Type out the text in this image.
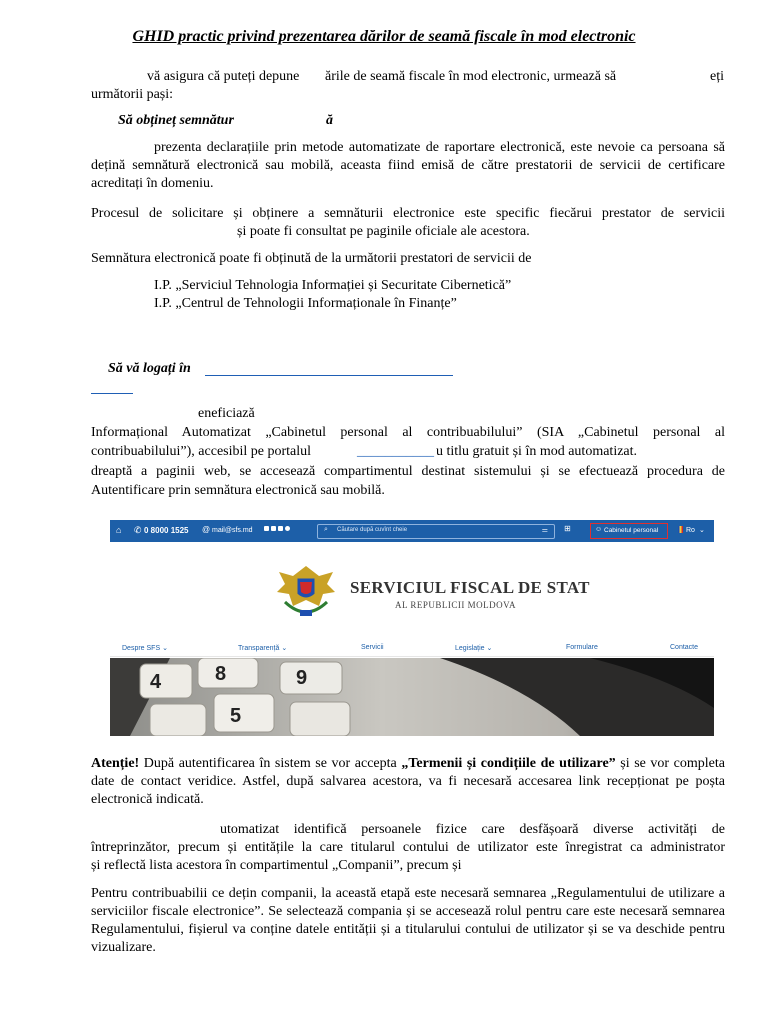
GHID practic privind prezentarea dărilor de seamă fiscale în mod electronic
vă asigura că puteți depune ările de seamă fiscale în mod electronic, urmează să	eți
următorii pași:
Să obțineț semnătur	ă
prezenta declarațiile prin metode automatizate de raportare electronică, este nevoie ca persoana să dețină semnătură electronică sau mobilă, aceasta fiind emisă de către prestatorii de servicii de certificare acreditați în domeniu.
Procesul de solicitare și obținere a semnăturii electronice este specific fiecărui prestator de servicii
și poate fi consultat pe paginile oficiale ale acestora.
Semnătura electronică poate fi obținută de la următorii prestatori de servicii de
I.P. „Serviciul Tehnologia Informației și Securitate Cibernetică”
I.P. „Centrul de Tehnologii Informaționale în Finanțe”
Să vă logați în
eneficiază
Informațional Automatizat „Cabinetul personal al contribuabilului” (SIA „Cabinetul personal al
contribuabilului”), accesibil pe portalul	___________ u titlu gratuit și în mod automatizat.
dreaptă a paginii web, se accesează compartimentul destinat sistemului și se efectuează procedura de
Autentificare prin semnătura electronică sau mobilă.
⌂ ✆ 0 8000 1525 @ mail@sfs.md	⌕ Căutare după cuvînt cheie	⚌ ⊞	☺ Cabinetul personal	Ro ⌄
SERVICIUL FISCAL DE STAT
AL REPUBLICII MOLDOVA
Despre SFS ⌄	Transparență ⌄	Servicii	Legislație ⌄	Formulare	Contacte
4	8	9
5
Atenție! După autentificarea în sistem se vor accepta „Termenii și condițiile de utilizare” și se vor completa date de contact veridice. Astfel, după salvarea acestora, va fi necesară accesarea link recepționat pe poșta electronică indicată.
utomatizat identifică persoanele fizice care desfășoară diverse activități de
întreprinzător, precum și entitățile la care titularul contului de utilizator este înregistrat ca administrator
și reflectă lista acestora în compartimentul „Companii”, precum și
Pentru contribuabilii ce dețin companii, la această etapă este necesară semnarea „Regulamentului de utilizare a serviciilor fiscale electronice”. Se selectează compania și se accesează rolul pentru care este necesară semnarea Regulamentului, fișierul va conține datele entității și a titularului contului de utilizator și se va deschide pentru vizualizare.
